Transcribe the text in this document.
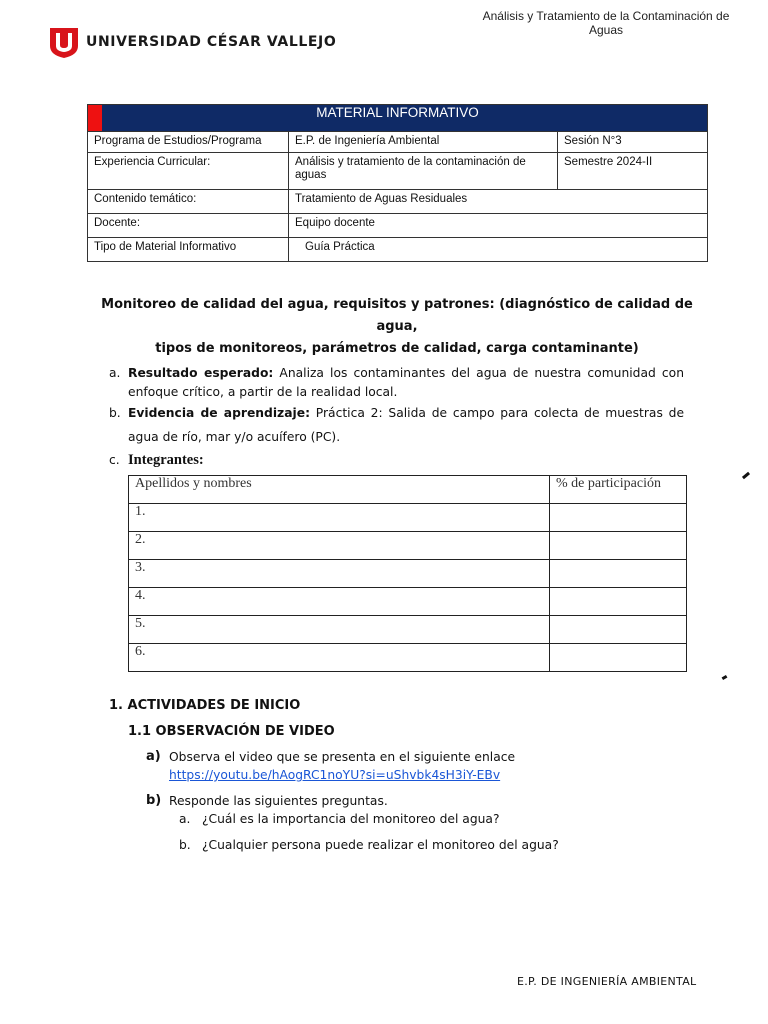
Análisis y Tratamiento de la Contaminación de Aguas
UNIVERSIDAD CÉSAR VALLEJO
MATERIAL INFORMATIVO		

Programa de Estudios/Programa	E.P. de Ingeniería Ambiental	Sesión N°3
Experiencia Curricular:	Análisis y tratamiento de la contaminación de aguas	Semestre 2024-II
Contenido temático:	Tratamiento de Aguas Residuales	
Docente:	Equipo docente	
Tipo de Material Informativo	Guía Práctica	
Monitoreo de calidad del agua, requisitos y patrones: (diagnóstico de calidad de agua,
tipos de monitoreos, parámetros de calidad, carga contaminante)
a. Resultado esperado: Analiza los contaminantes del agua de nuestra comunidad con enfoque crítico, a partir de la realidad local.
b. Evidencia de aprendizaje: Práctica 2: Salida de campo para colecta de muestras de agua de río, mar y/o acuífero (PC).
c. Integrantes:
Apellidos y nombres	% de participación
1.	
2.	
3.	
4.	
5.	
6.	
1. ACTIVIDADES DE INICIO
1.1 OBSERVACIÓN DE VIDEO
a) Observa el video que se presenta en el siguiente enlace
https://youtu.be/hAogRC1noYU?si=uShvbk4sH3iY-EBv
b) Responde las siguientes preguntas.
a. ¿Cuál es la importancia del monitoreo del agua?
b. ¿Cualquier persona puede realizar el monitoreo del agua?
E.P. DE INGENIERÍA AMBIENTAL
